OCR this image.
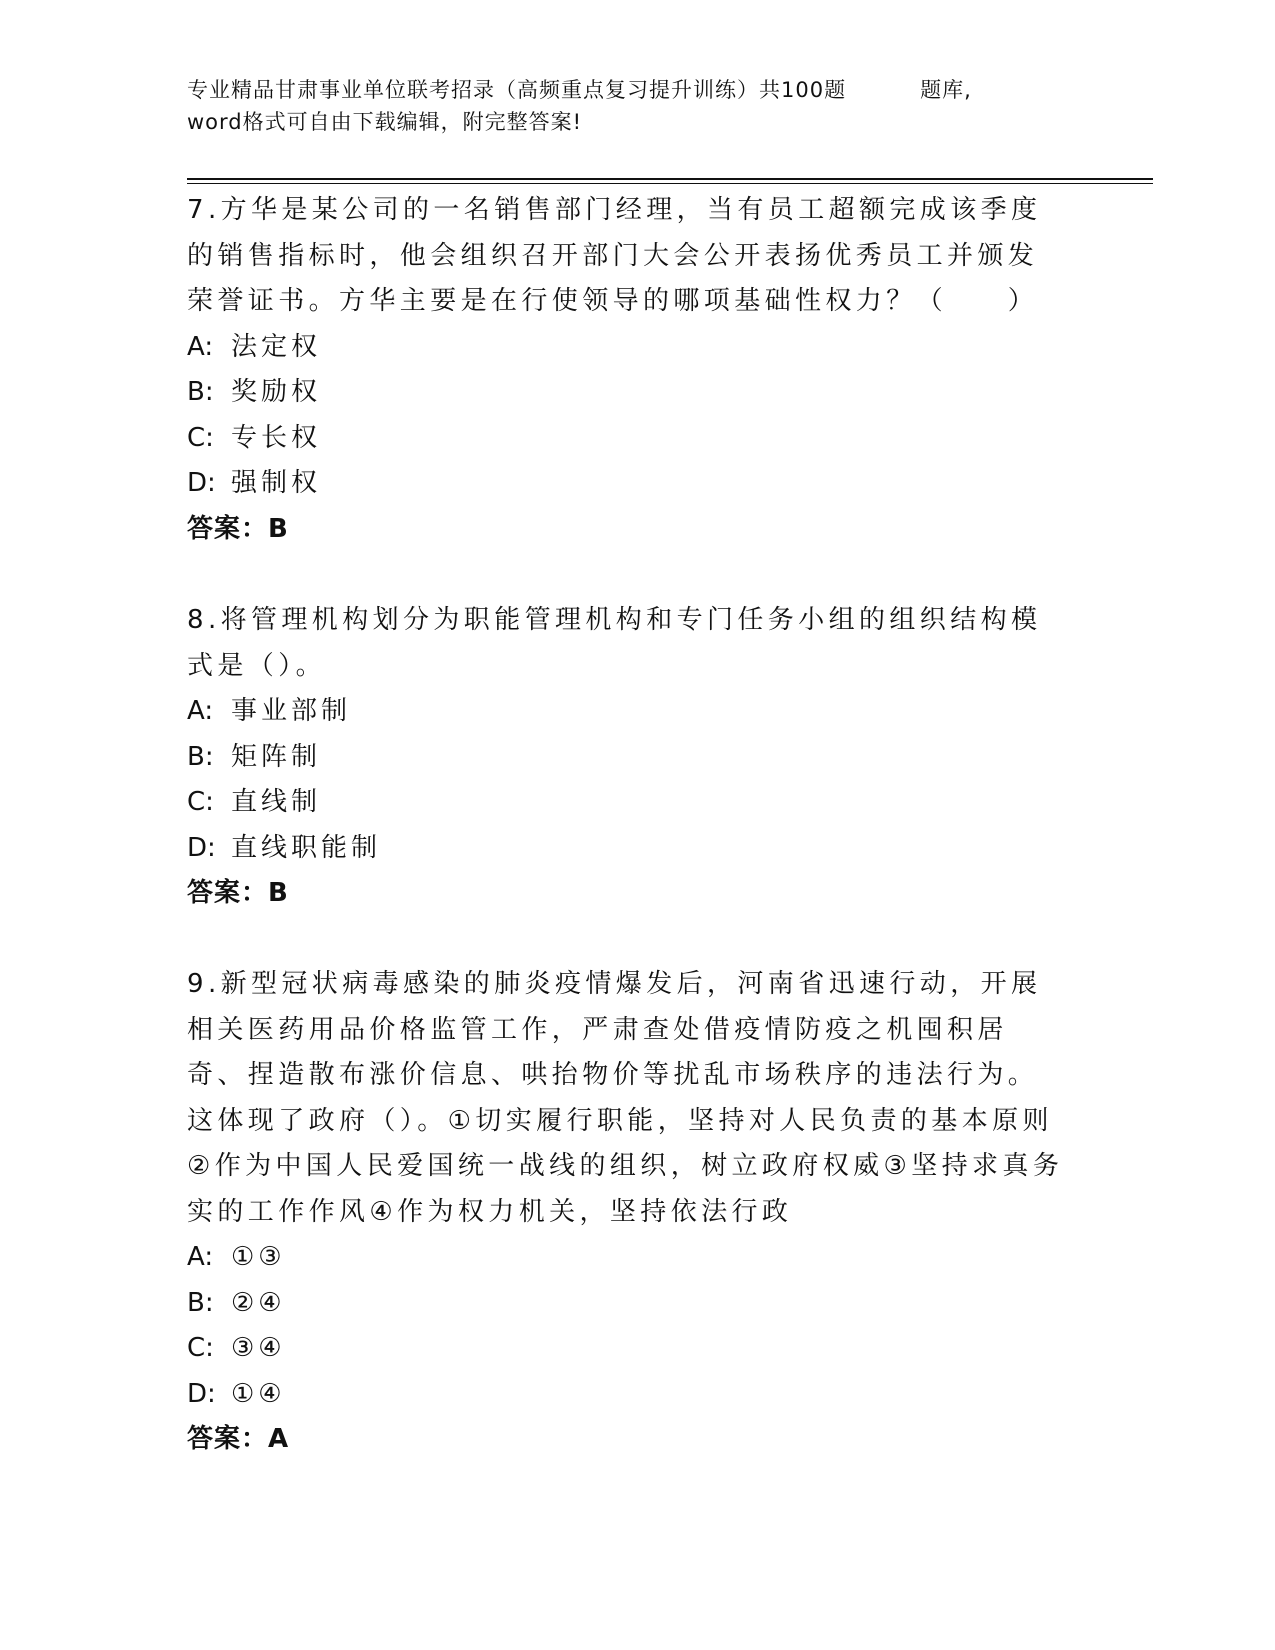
专业精品甘肃事业单位联考招录（高频重点复习提升训练）共100题	题库,
word格式可自由下载编辑，附完整答案!

7.方华是某公司的一名销售部门经理，当有员工超额完成该季度的销售指标时，他会组织召开部门大会公开表扬优秀员工并颁发荣誉证书。方华主要是在行使领导的哪项基础性权力？（　　）

A: 法定权
B: 奖励权
C: 专长权
D: 强制权
答案：B

8.将管理机构划分为职能管理机构和专门任务小组的组织结构模式是（）。

A: 事业部制
B: 矩阵制
C: 直线制
D: 直线职能制
答案：B

9.新型冠状病毒感染的肺炎疫情爆发后，河南省迅速行动，开展相关医药用品价格监管工作，严肃查处借疫情防疫之机囤积居奇、捏造散布涨价信息、哄抬物价等扰乱市场秩序的违法行为。这体现了政府（）。①切实履行职能，坚持对人民负责的基本原则②作为中国人民爱国统一战线的组织，树立政府权威③坚持求真务实的工作作风④作为权力机关，坚持依法行政

A: ①③
B: ②④
C: ③④
D: ①④
答案：A
